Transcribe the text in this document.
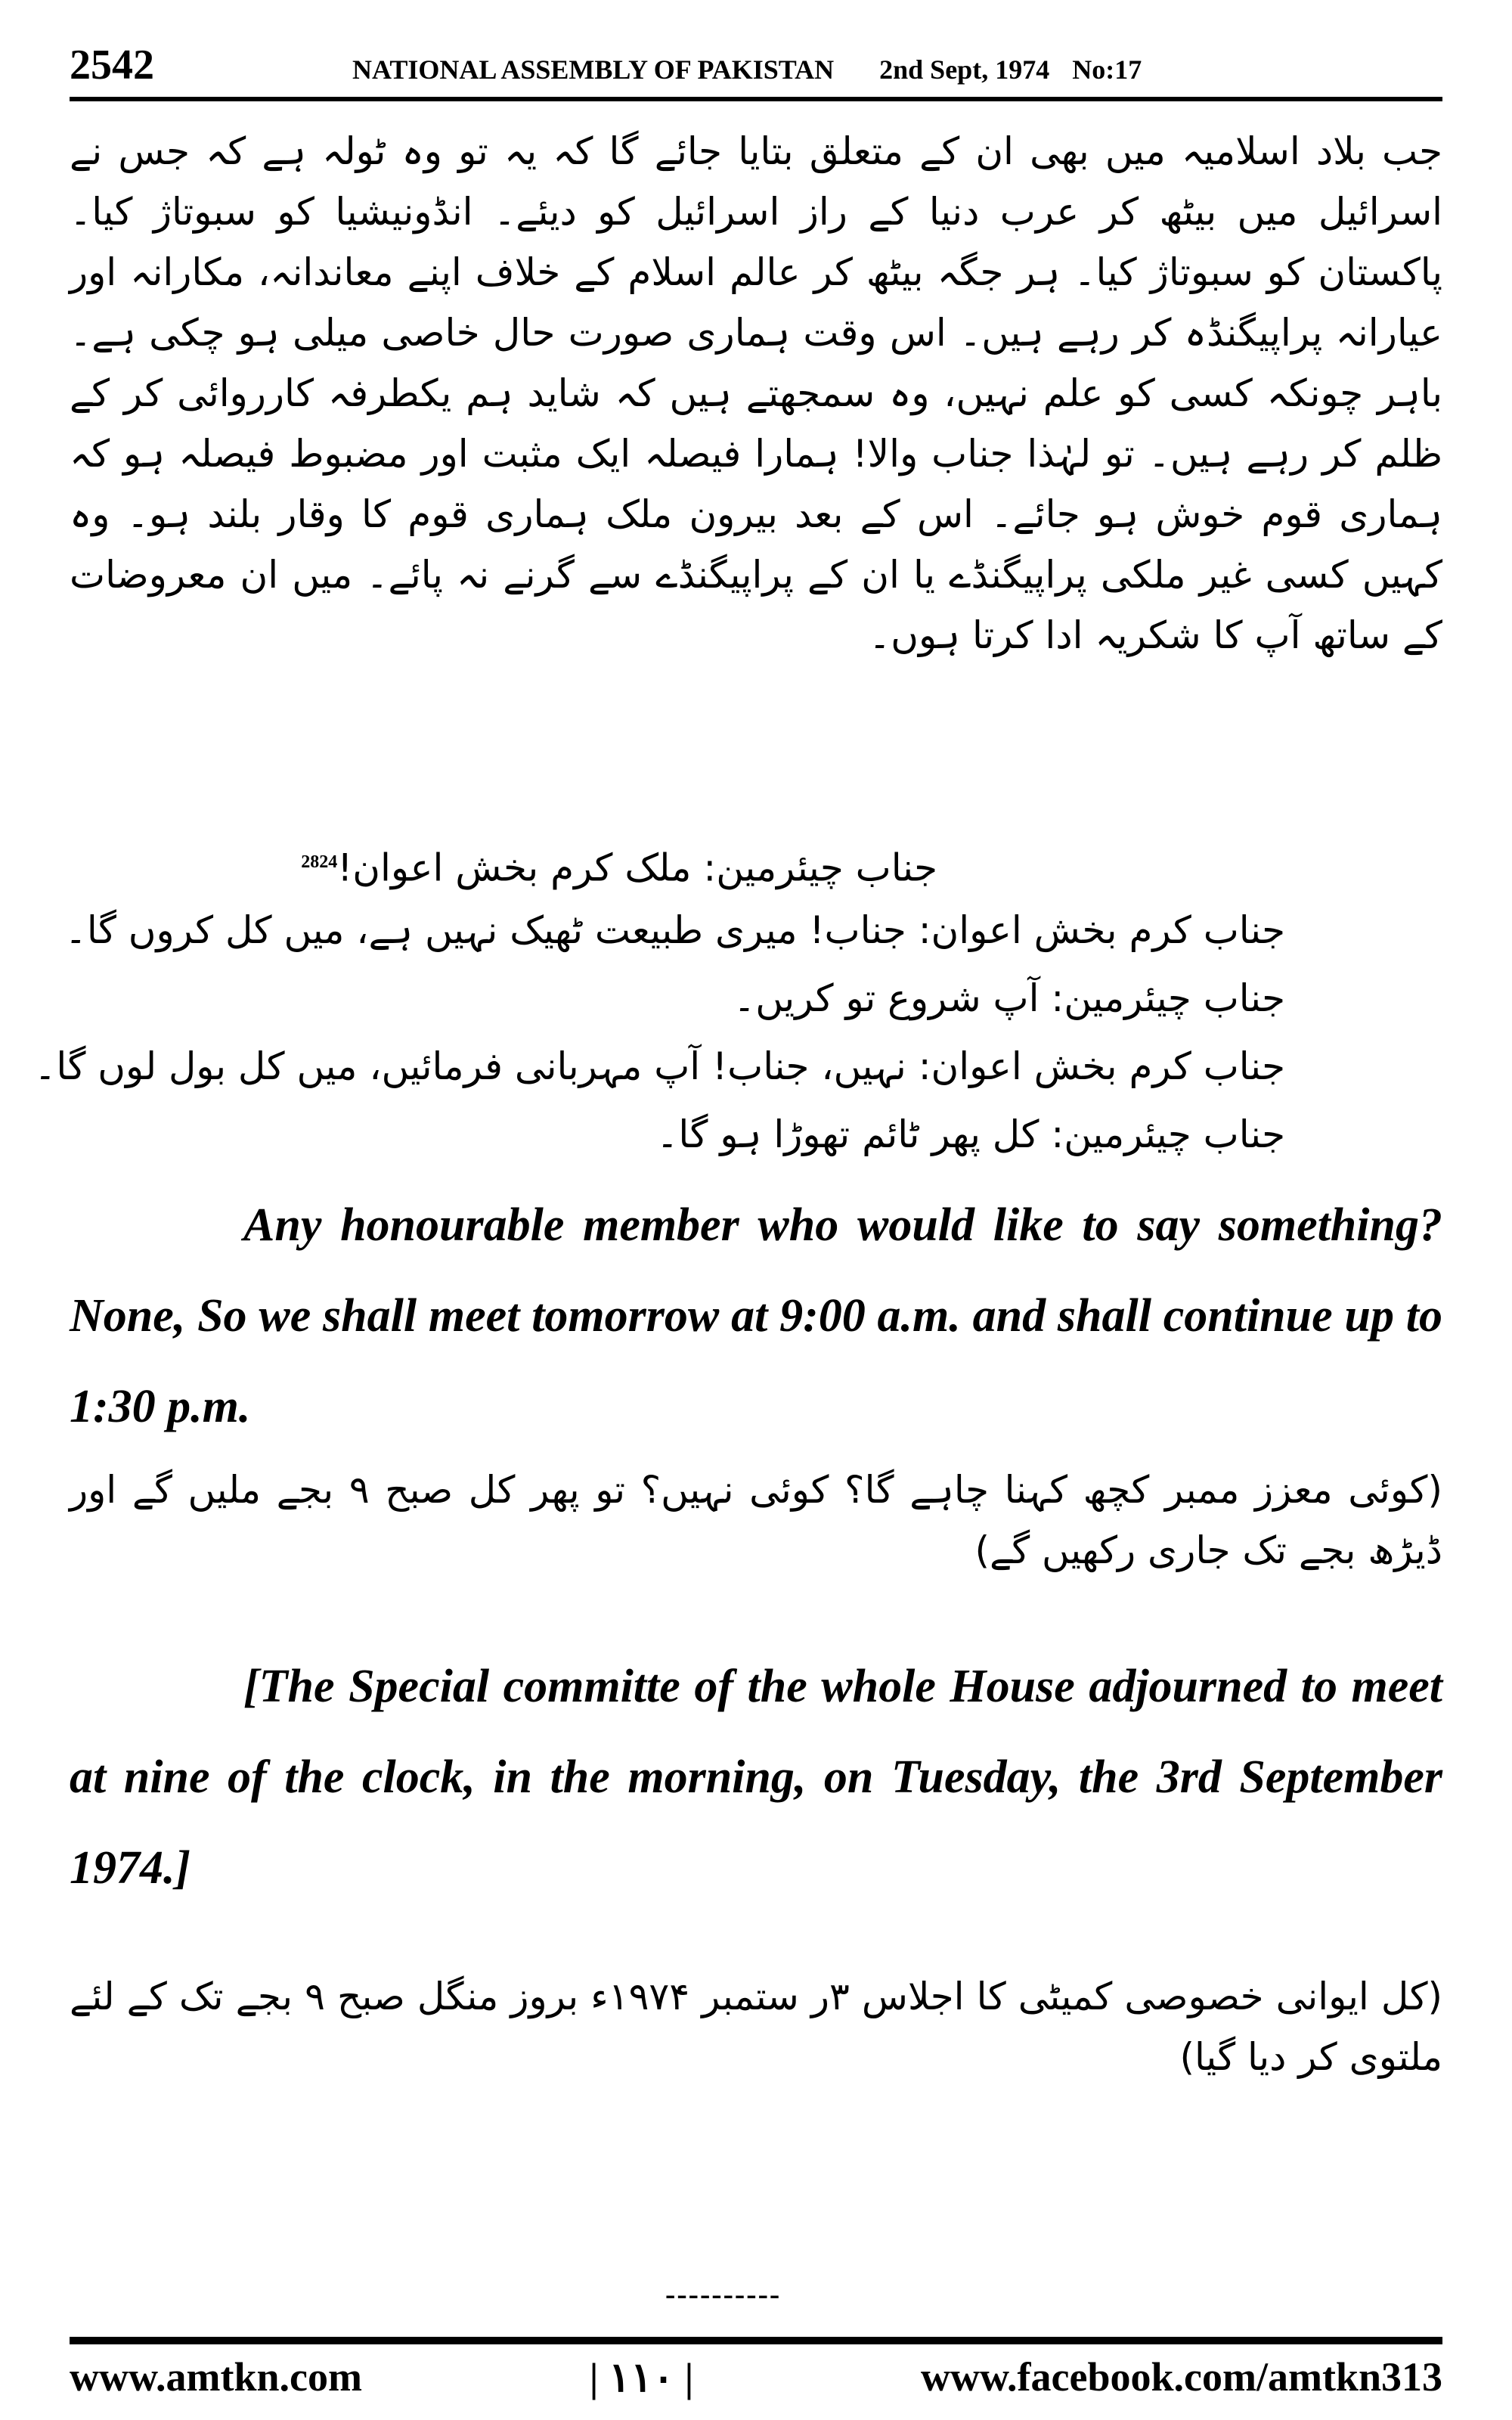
2542	NATIONAL ASSEMBLY OF PAKISTAN 2nd Sept, 1974 No:17
جب بلاد اسلامیہ میں بھی ان کے متعلق بتایا جائے گا کہ یہ تو وہ ٹولہ ہے کہ جس نے اسرائیل میں بیٹھ کر عرب دنیا کے راز اسرائیل کو دیئے۔ انڈونیشیا کو سبوتاژ کیا۔ پاکستان کو سبوتاژ کیا۔ ہر جگہ بیٹھ کر عالم اسلام کے خلاف اپنے معاندانہ، مکارانہ اور عیارانہ پراپیگنڈہ کر رہے ہیں۔ اس وقت ہماری صورت حال خاصی میلی ہو چکی ہے۔ باہر چونکہ کسی کو علم نہیں، وہ سمجھتے ہیں کہ شاید ہم یکطرفہ کارروائی کر کے ظلم کر رہے ہیں۔ تو لہٰذا جناب والا! ہمارا فیصلہ ایک مثبت اور مضبوط فیصلہ ہو کہ ہماری قوم خوش ہو جائے۔ اس کے بعد بیرون ملک ہماری قوم کا وقار بلند ہو۔ وہ کہیں کسی غیر ملکی پراپیگنڈے یا ان کے پراپیگنڈے سے گرنے نہ پائے۔ میں ان معروضات کے ساتھ آپ کا شکریہ ادا کرتا ہوں۔
جناب چیئرمین: ملک کرم بخش اعوان!$^{2824}$
جناب کرم بخش اعوان: جناب! میری طبیعت ٹھیک نہیں ہے، میں کل کروں گا۔
جناب چیئرمین: آپ شروع تو کریں۔
جناب کرم بخش اعوان: نہیں، جناب! آپ مہربانی فرمائیں، میں کل بول لوں گا۔
جناب چیئرمین: کل پھر ٹائم تھوڑا ہو گا۔
Any honourable member who would like to say something? None, So we shall meet tomorrow at 9:00 a.m. and shall continue up to 1:30 p.m.
(کوئی معزز ممبر کچھ کہنا چاہے گا؟ کوئی نہیں؟ تو پھر کل صبح ۹ بجے ملیں گے اور ڈیڑھ بجے تک جاری رکھیں گے)
[The Special committe of the whole House adjourned to meet at nine of the clock, in the morning, on Tuesday, the 3rd September 1974.]
(کل ایوانی خصوصی کمیٹی کا اجلاس ۳ر ستمبر ۱۹۷۴ء بروز منگل صبح ۹ بجے تک کے لئے ملتوی کر دیا گیا)
----------
www.amtkn.com	| ۱۱۰ |	www.facebook.com/amtkn313
